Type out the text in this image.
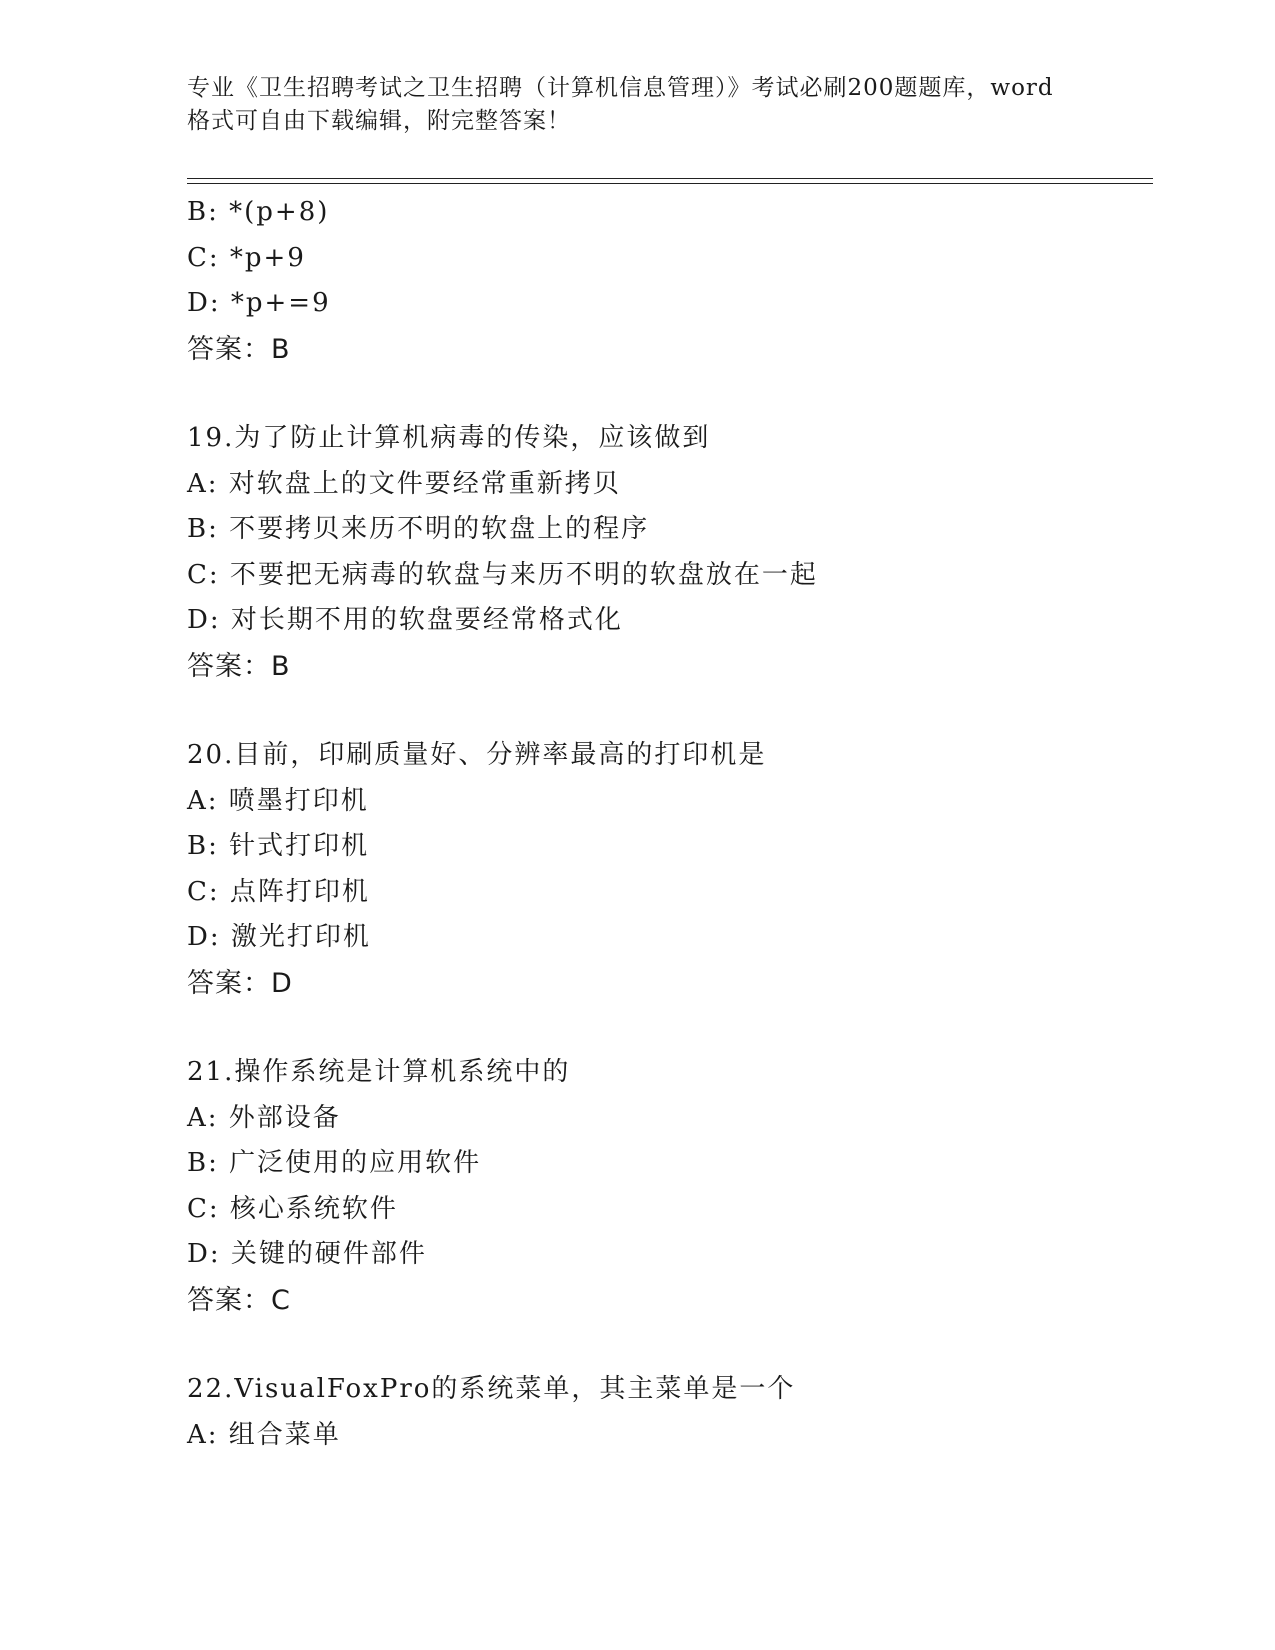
专业《卫生招聘考试之卫生招聘（计算机信息管理）》考试必刷200题题库，word
格式可自由下载编辑，附完整答案！
B: *(p+8)
C: *p+9
D: *p+=9
答案：B
19.为了防止计算机病毒的传染，应该做到
A: 对软盘上的文件要经常重新拷贝
B: 不要拷贝来历不明的软盘上的程序
C: 不要把无病毒的软盘与来历不明的软盘放在一起
D: 对长期不用的软盘要经常格式化
答案：B
20.目前，印刷质量好、分辨率最高的打印机是
A: 喷墨打印机
B: 针式打印机
C: 点阵打印机
D: 激光打印机
答案：D
21.操作系统是计算机系统中的
A: 外部设备
B: 广泛使用的应用软件
C: 核心系统软件
D: 关键的硬件部件
答案：C
22.VisualFoxPro的系统菜单，其主菜单是一个
A: 组合菜单
